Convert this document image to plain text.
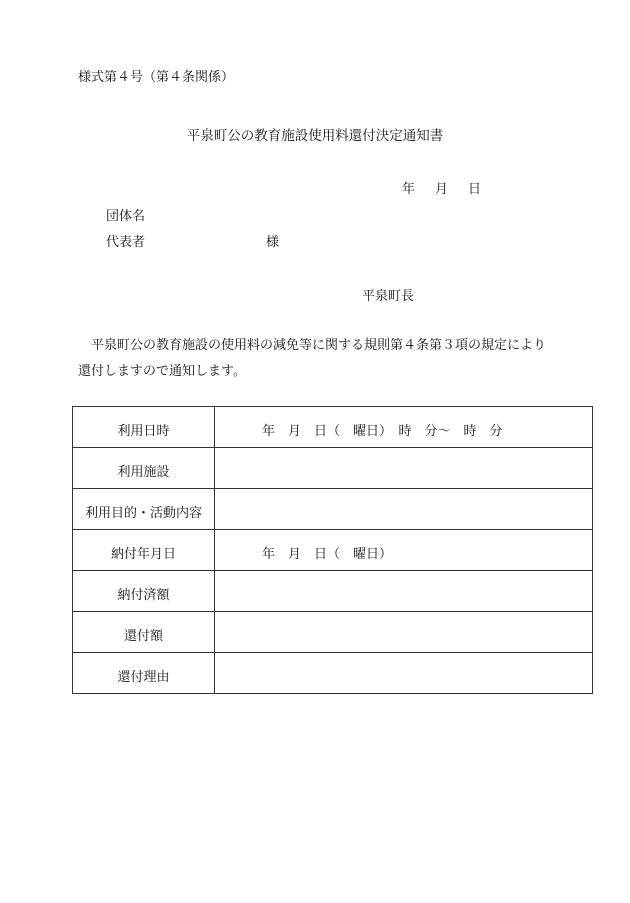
様式第４号（第４条関係）
平泉町公の教育施設使用料還付決定通知書
年 月 日
団体名
代表者	様
平泉町長
平泉町公の教育施設の使用料の減免等に関する規則第４条第３項の規定により還付しますので通知します。
利用日時	年　月　日（　曜日）　時　分〜　時　分
利用施設	
利用目的・活動内容	
納付年月日	年　月　日（　曜日）
納付済額	
還付額	
還付理由	
